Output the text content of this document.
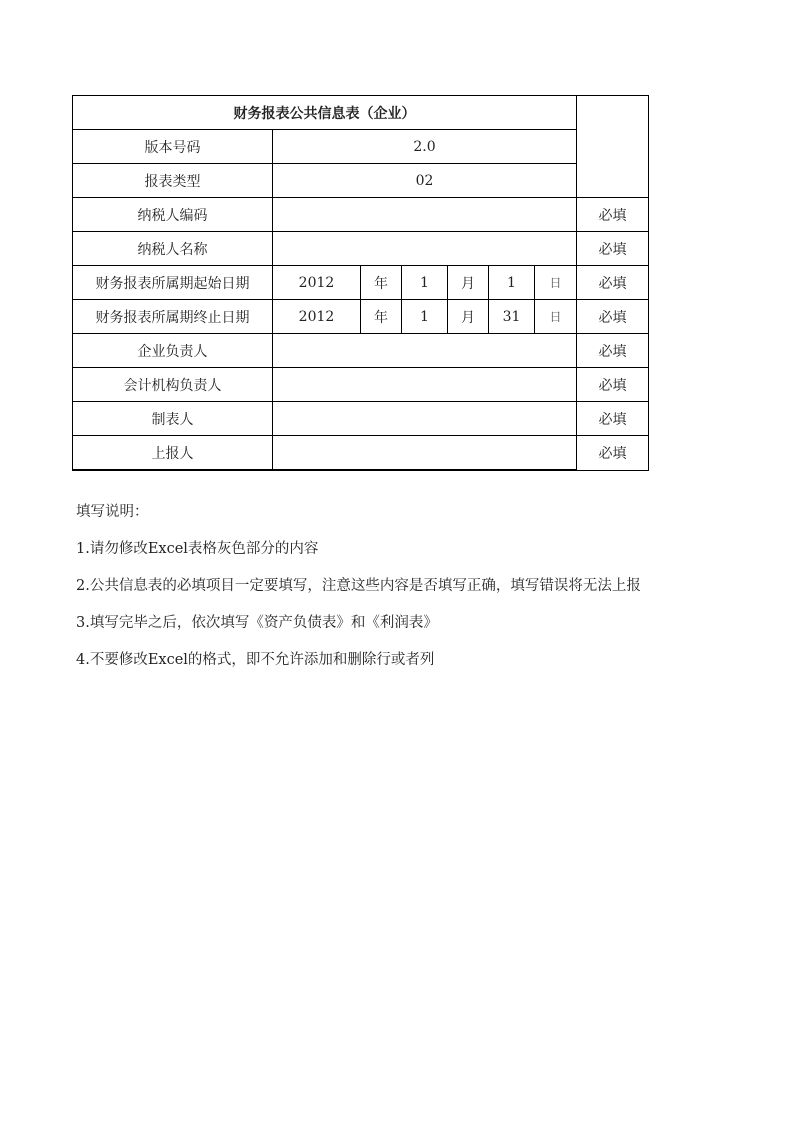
财务报表公共信息表（企业）							
版本号码	2.0						
报表类型	02						
纳税人编码							必填
纳税人名称							必填
财务报表所属期起始日期	2012	年	1	月	1	日	必填
财务报表所属期终止日期	2012	年	1	月	31	日	必填
企业负责人							必填
会计机构负责人							必填
制表人							必填
上报人							必填

填写说明：

1.请勿修改Excel表格灰色部分的内容

2.公共信息表的必填项目一定要填写，注意这些内容是否填写正确，填写错误将无法上报

3.填写完毕之后，依次填写《资产负债表》和《利润表》

4.不要修改Excel的格式，即不允许添加和删除行或者列
